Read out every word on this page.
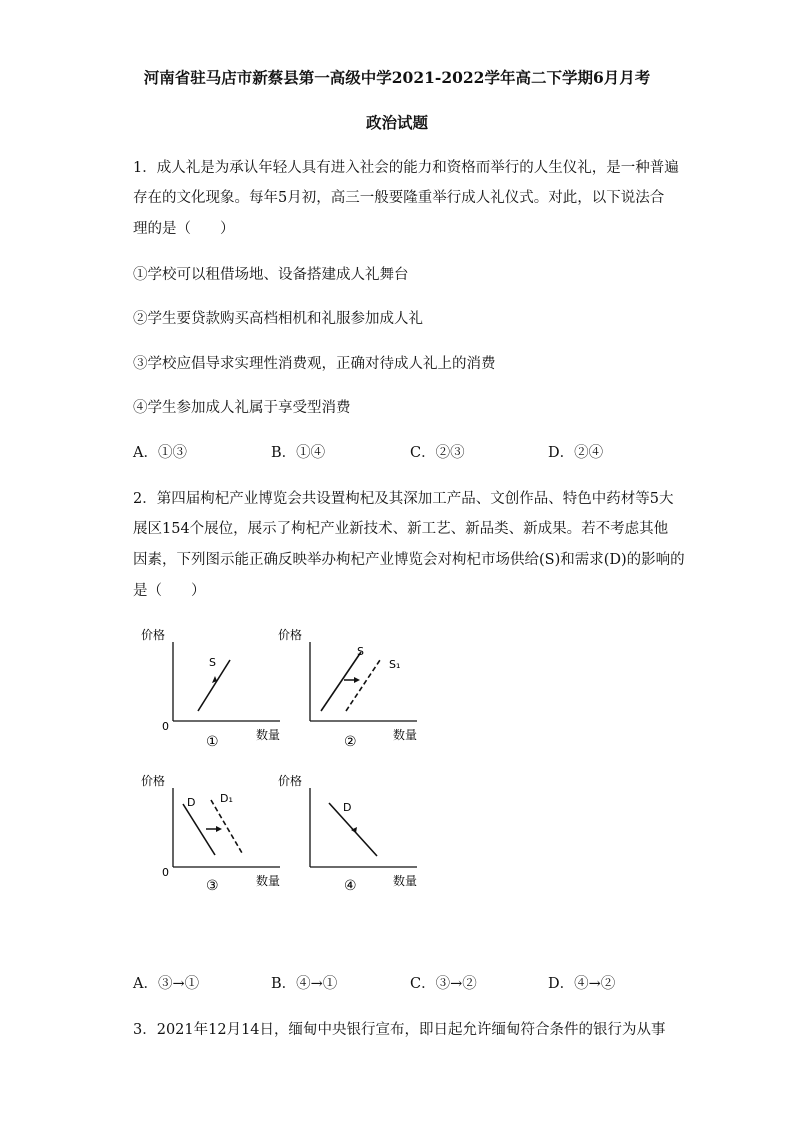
河南省驻马店市新蔡县第一高级中学2021-2022学年高二下学期6月月考
政治试题
1．成人礼是为承认年轻人具有进入社会的能力和资格而举行的人生仪礼，是一种普遍
存在的文化现象。每年5月初，高三一般要隆重举行成人礼仪式。对此，以下说法合
理的是（　　）
①学校可以租借场地、设备搭建成人礼舞台
②学生要贷款购买高档相机和礼服参加成人礼
③学校应倡导求实理性消费观，正确对待成人礼上的消费
④学生参加成人礼属于享受型消费
A．①③	B．①④	C．②③	D．②④
2．第四届枸杞产业博览会共设置枸杞及其深加工产品、文创作品、特色中药材等5大
展区154个展位，展示了枸杞产业新技术、新工艺、新品类、新成果。若不考虑其他
因素，下列图示能正确反映举办枸杞产业博览会对枸杞市场供给(S)和需求(D)的影响的
是（　　）
价格
0
数量
S
①
价格
数量
S
S₁
②
价格
0
数量
D D₁
③
价格
数量
D
④
A．③→①	B．④→①	C．③→②	D．④→②
3．2021年12月14日，缅甸中央银行宣布，即日起允许缅甸符合条件的银行为从事
